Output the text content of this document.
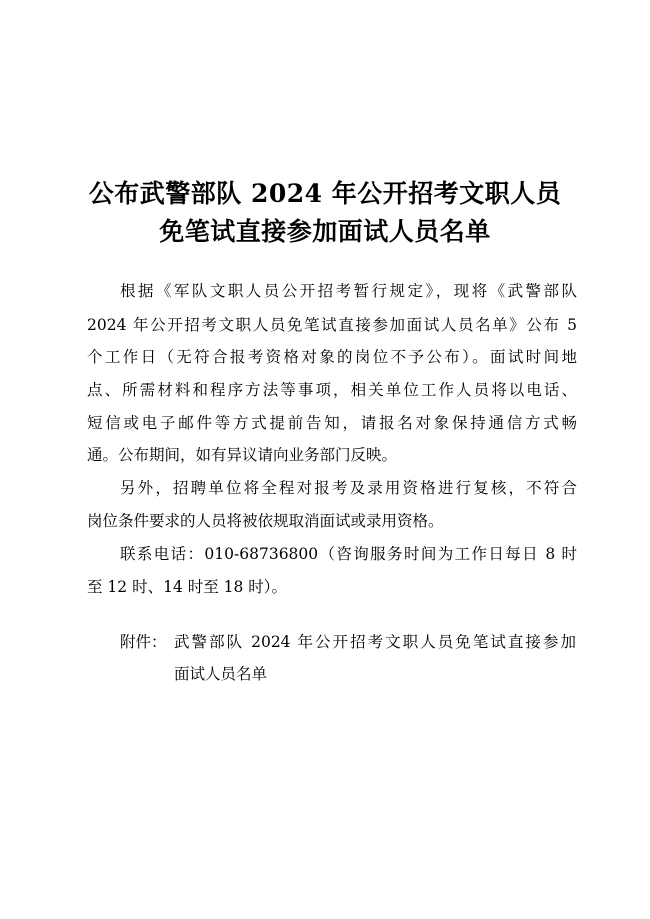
公布武警部队 2024 年公开招考文职人员
免笔试直接参加面试人员名单
根据《军队文职人员公开招考暂行规定》，现将《武警部队
2024 年公开招考文职人员免笔试直接参加面试人员名单》公布 5
个工作日（无符合报考资格对象的岗位不予公布）。面试时间地
点、所需材料和程序方法等事项，相关单位工作人员将以电话、
短信或电子邮件等方式提前告知，请报名对象保持通信方式畅
通。公布期间，如有异议请向业务部门反映。
另外，招聘单位将全程对报考及录用资格进行复核，不符合
岗位条件要求的人员将被依规取消面试或录用资格。
联系电话：010-68736800（咨询服务时间为工作日每日 8 时
至 12 时、14 时至 18 时）。
附件： 武警部队 2024 年公开招考文职人员免笔试直接参加
面试人员名单
